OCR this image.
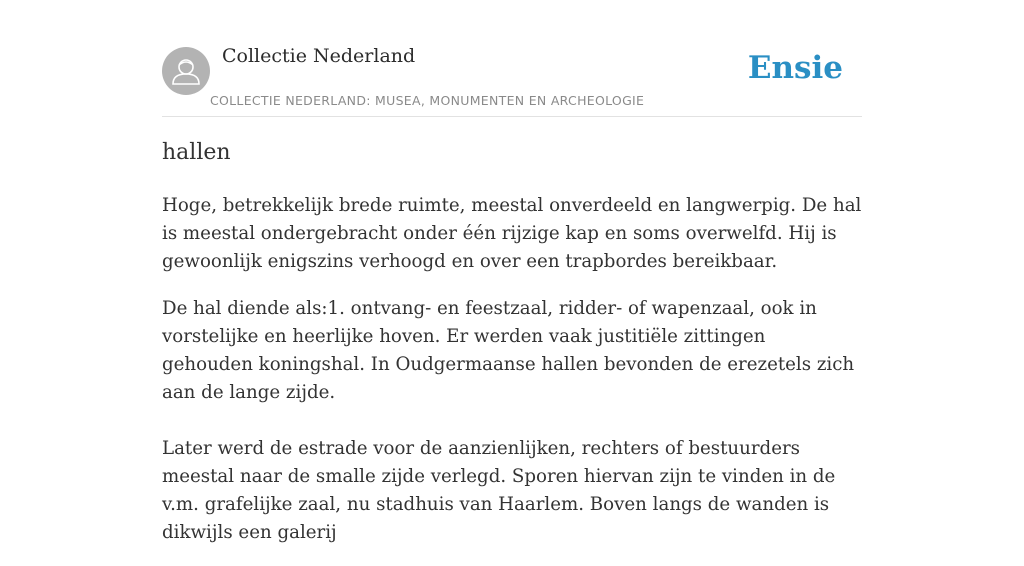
Collectie Nederland
COLLECTIE NEDERLAND: MUSEA, MONUMENTEN EN ARCHEOLOGIE
Ensie
hallen

Hoge, betrekkelijk brede ruimte, meestal onverdeeld en langwerpig. De hal is meestal ondergebracht onder één rijzige kap en soms overwelfd. Hij is gewoonlijk enigszins verhoogd en over een trapbordes bereikbaar.

De hal diende als:1. ontvang- en feestzaal, ridder- of wapenzaal, ook in vorstelijke en heerlijke hoven. Er werden vaak justitiële zittingen gehouden koningshal. In Oudgermaanse hallen bevonden de erezetels zich aan de lange zijde.

Later werd de estrade voor de aanzienlijken, rechters of bestuurders meestal naar de smalle zijde verlegd. Sporen hiervan zijn te vinden in de v.m. grafelijke zaal, nu stadhuis van Haarlem. Boven langs de wanden is dikwijls een galerij
